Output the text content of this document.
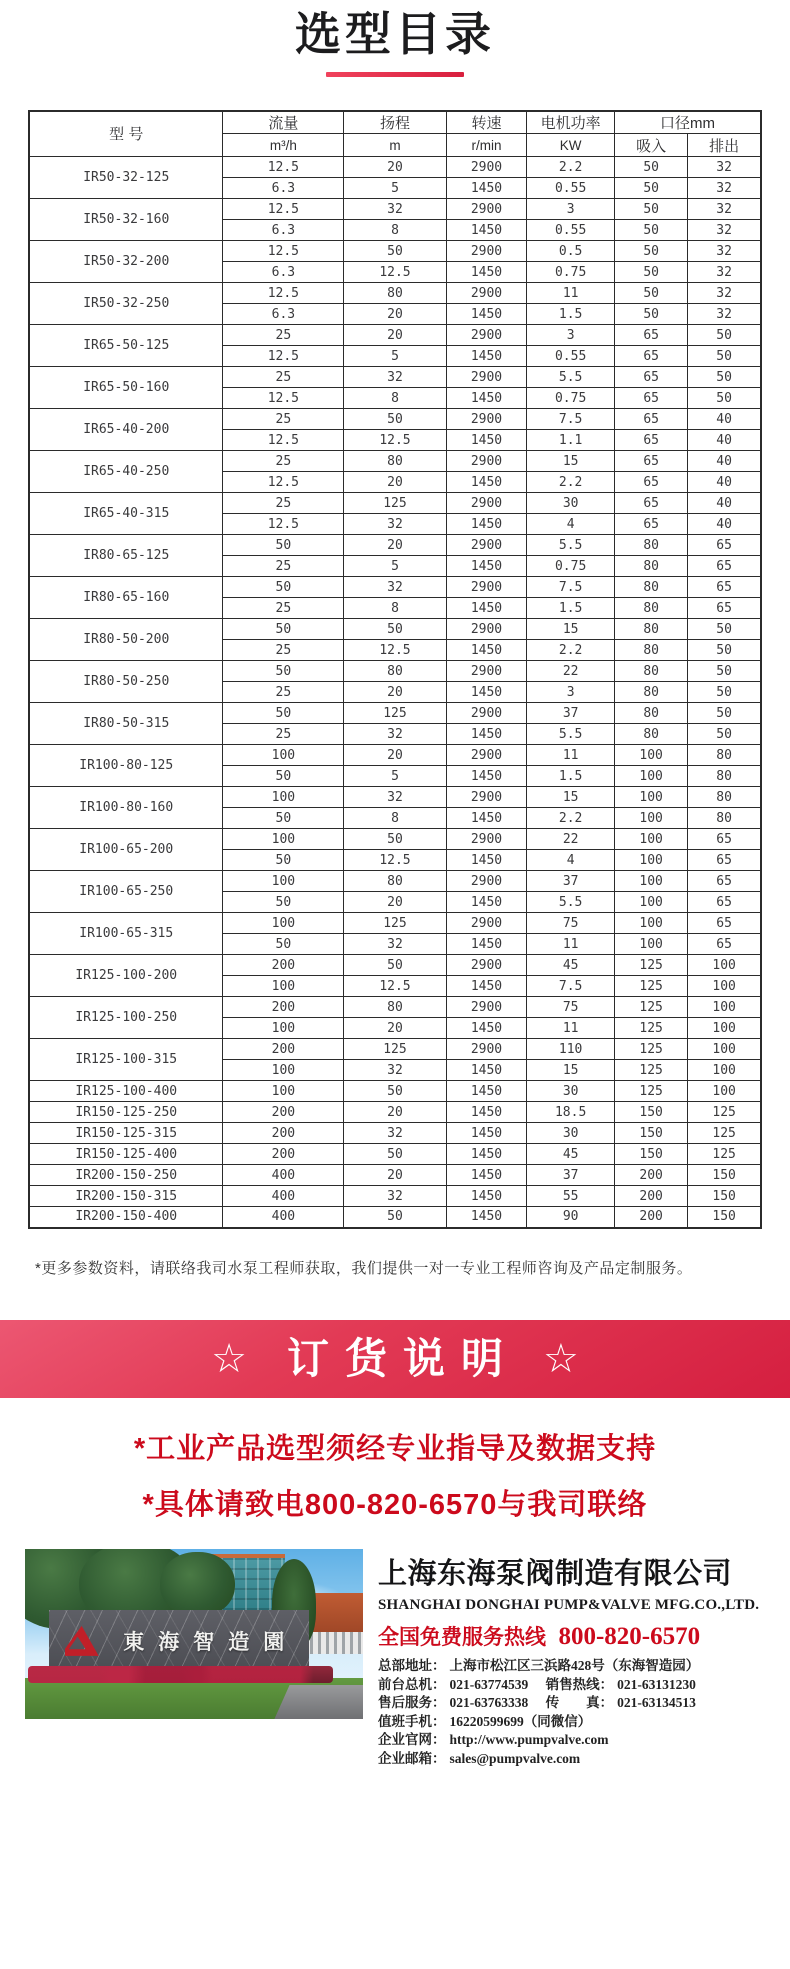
选型目录
型 号	流量	扬程	转速	电机功率	口径mm	
	m³/h	m	r/min	KW	吸入	排出
IR50-32-125	12.5	20	2900	2.2	50	32
	6.3	5	1450	0.55	50	32
IR50-32-160	12.5	32	2900	3	50	32
	6.3	8	1450	0.55	50	32
IR50-32-200	12.5	50	2900	0.5	50	32
	6.3	12.5	1450	0.75	50	32
IR50-32-250	12.5	80	2900	11	50	32
	6.3	20	1450	1.5	50	32
IR65-50-125	25	20	2900	3	65	50
	12.5	5	1450	0.55	65	50
IR65-50-160	25	32	2900	5.5	65	50
	12.5	8	1450	0.75	65	50
IR65-40-200	25	50	2900	7.5	65	40
	12.5	12.5	1450	1.1	65	40
IR65-40-250	25	80	2900	15	65	40
	12.5	20	1450	2.2	65	40
IR65-40-315	25	125	2900	30	65	40
	12.5	32	1450	4	65	40
IR80-65-125	50	20	2900	5.5	80	65
	25	5	1450	0.75	80	65
IR80-65-160	50	32	2900	7.5	80	65
	25	8	1450	1.5	80	65
IR80-50-200	50	50	2900	15	80	50
	25	12.5	1450	2.2	80	50
IR80-50-250	50	80	2900	22	80	50
	25	20	1450	3	80	50
IR80-50-315	50	125	2900	37	80	50
	25	32	1450	5.5	80	50
IR100-80-125	100	20	2900	11	100	80
	50	5	1450	1.5	100	80
IR100-80-160	100	32	2900	15	100	80
	50	8	1450	2.2	100	80
IR100-65-200	100	50	2900	22	100	65
	50	12.5	1450	4	100	65
IR100-65-250	100	80	2900	37	100	65
	50	20	1450	5.5	100	65
IR100-65-315	100	125	2900	75	100	65
	50	32	1450	11	100	65
IR125-100-200	200	50	2900	45	125	100
	100	12.5	1450	7.5	125	100
IR125-100-250	200	80	2900	75	125	100
	100	20	1450	11	125	100
IR125-100-315	200	125	2900	110	125	100
	100	32	1450	15	125	100
IR125-100-400	100	50	1450	30	125	100
IR150-125-250	200	20	1450	18.5	150	125
IR150-125-315	200	32	1450	30	150	125
IR150-125-400	200	50	1450	45	150	125
IR200-150-250	400	20	1450	37	200	150
IR200-150-315	400	32	1450	55	200	150
IR200-150-400	400	50	1450	90	200	150

*更多参数资料，请联络我司水泵工程师获取，我们提供一对一专业工程师咨询及产品定制服务。

☆ 订货说明 ☆

*工业产品选型须经专业指导及数据支持

*具体请致电800-820-6570与我司联络

東海智造園
上海东海泵阀制造有限公司
SHANGHAI DONGHAI PUMP&VALVE MFG.CO.,LTD.
全国免费服务热线 800-820-6570
总部地址： 上海市松江区三浜路428号（东海智造园）
前台总机： 021-63774539 销售热线： 021-63131230
售后服务： 021-63763338 传　　真： 021-63134513
值班手机： 16220599699（同微信）
企业官网： http://www.pumpvalve.com
企业邮箱： sales@pumpvalve.com
